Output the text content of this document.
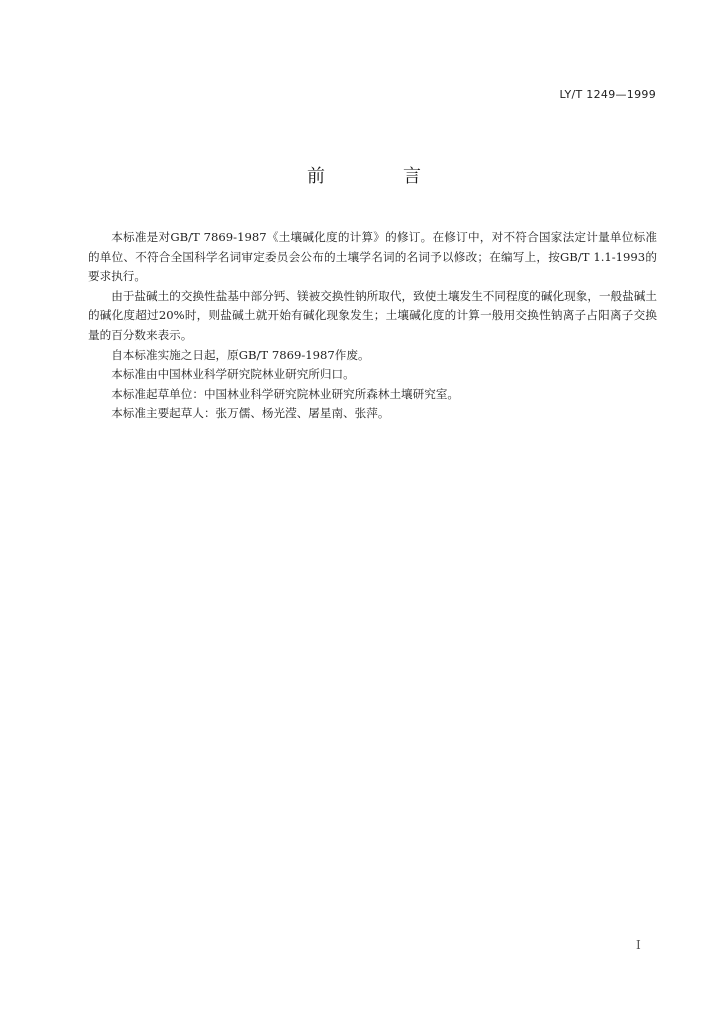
LY/T 1249—1999
前　言

本标准是对GB/T 7869-1987《土壤碱化度的计算》的修订。在修订中，对不符合国家法定计量单位标准的单位、不符合全国科学名词审定委员会公布的土壤学名词的名词予以修改；在编写上，按GB/T 1.1-1993的要求执行。

由于盐碱土的交换性盐基中部分钙、镁被交换性钠所取代，致使土壤发生不同程度的碱化现象，一般盐碱土的碱化度超过20%时，则盐碱土就开始有碱化现象发生；土壤碱化度的计算一般用交换性钠离子占阳离子交换量的百分数来表示。

自本标准实施之日起，原GB/T 7869-1987作废。

本标准由中国林业科学研究院林业研究所归口。

本标准起草单位：中国林业科学研究院林业研究所森林土壤研究室。

本标准主要起草人：张万儒、杨光滢、屠星南、张萍。

I
